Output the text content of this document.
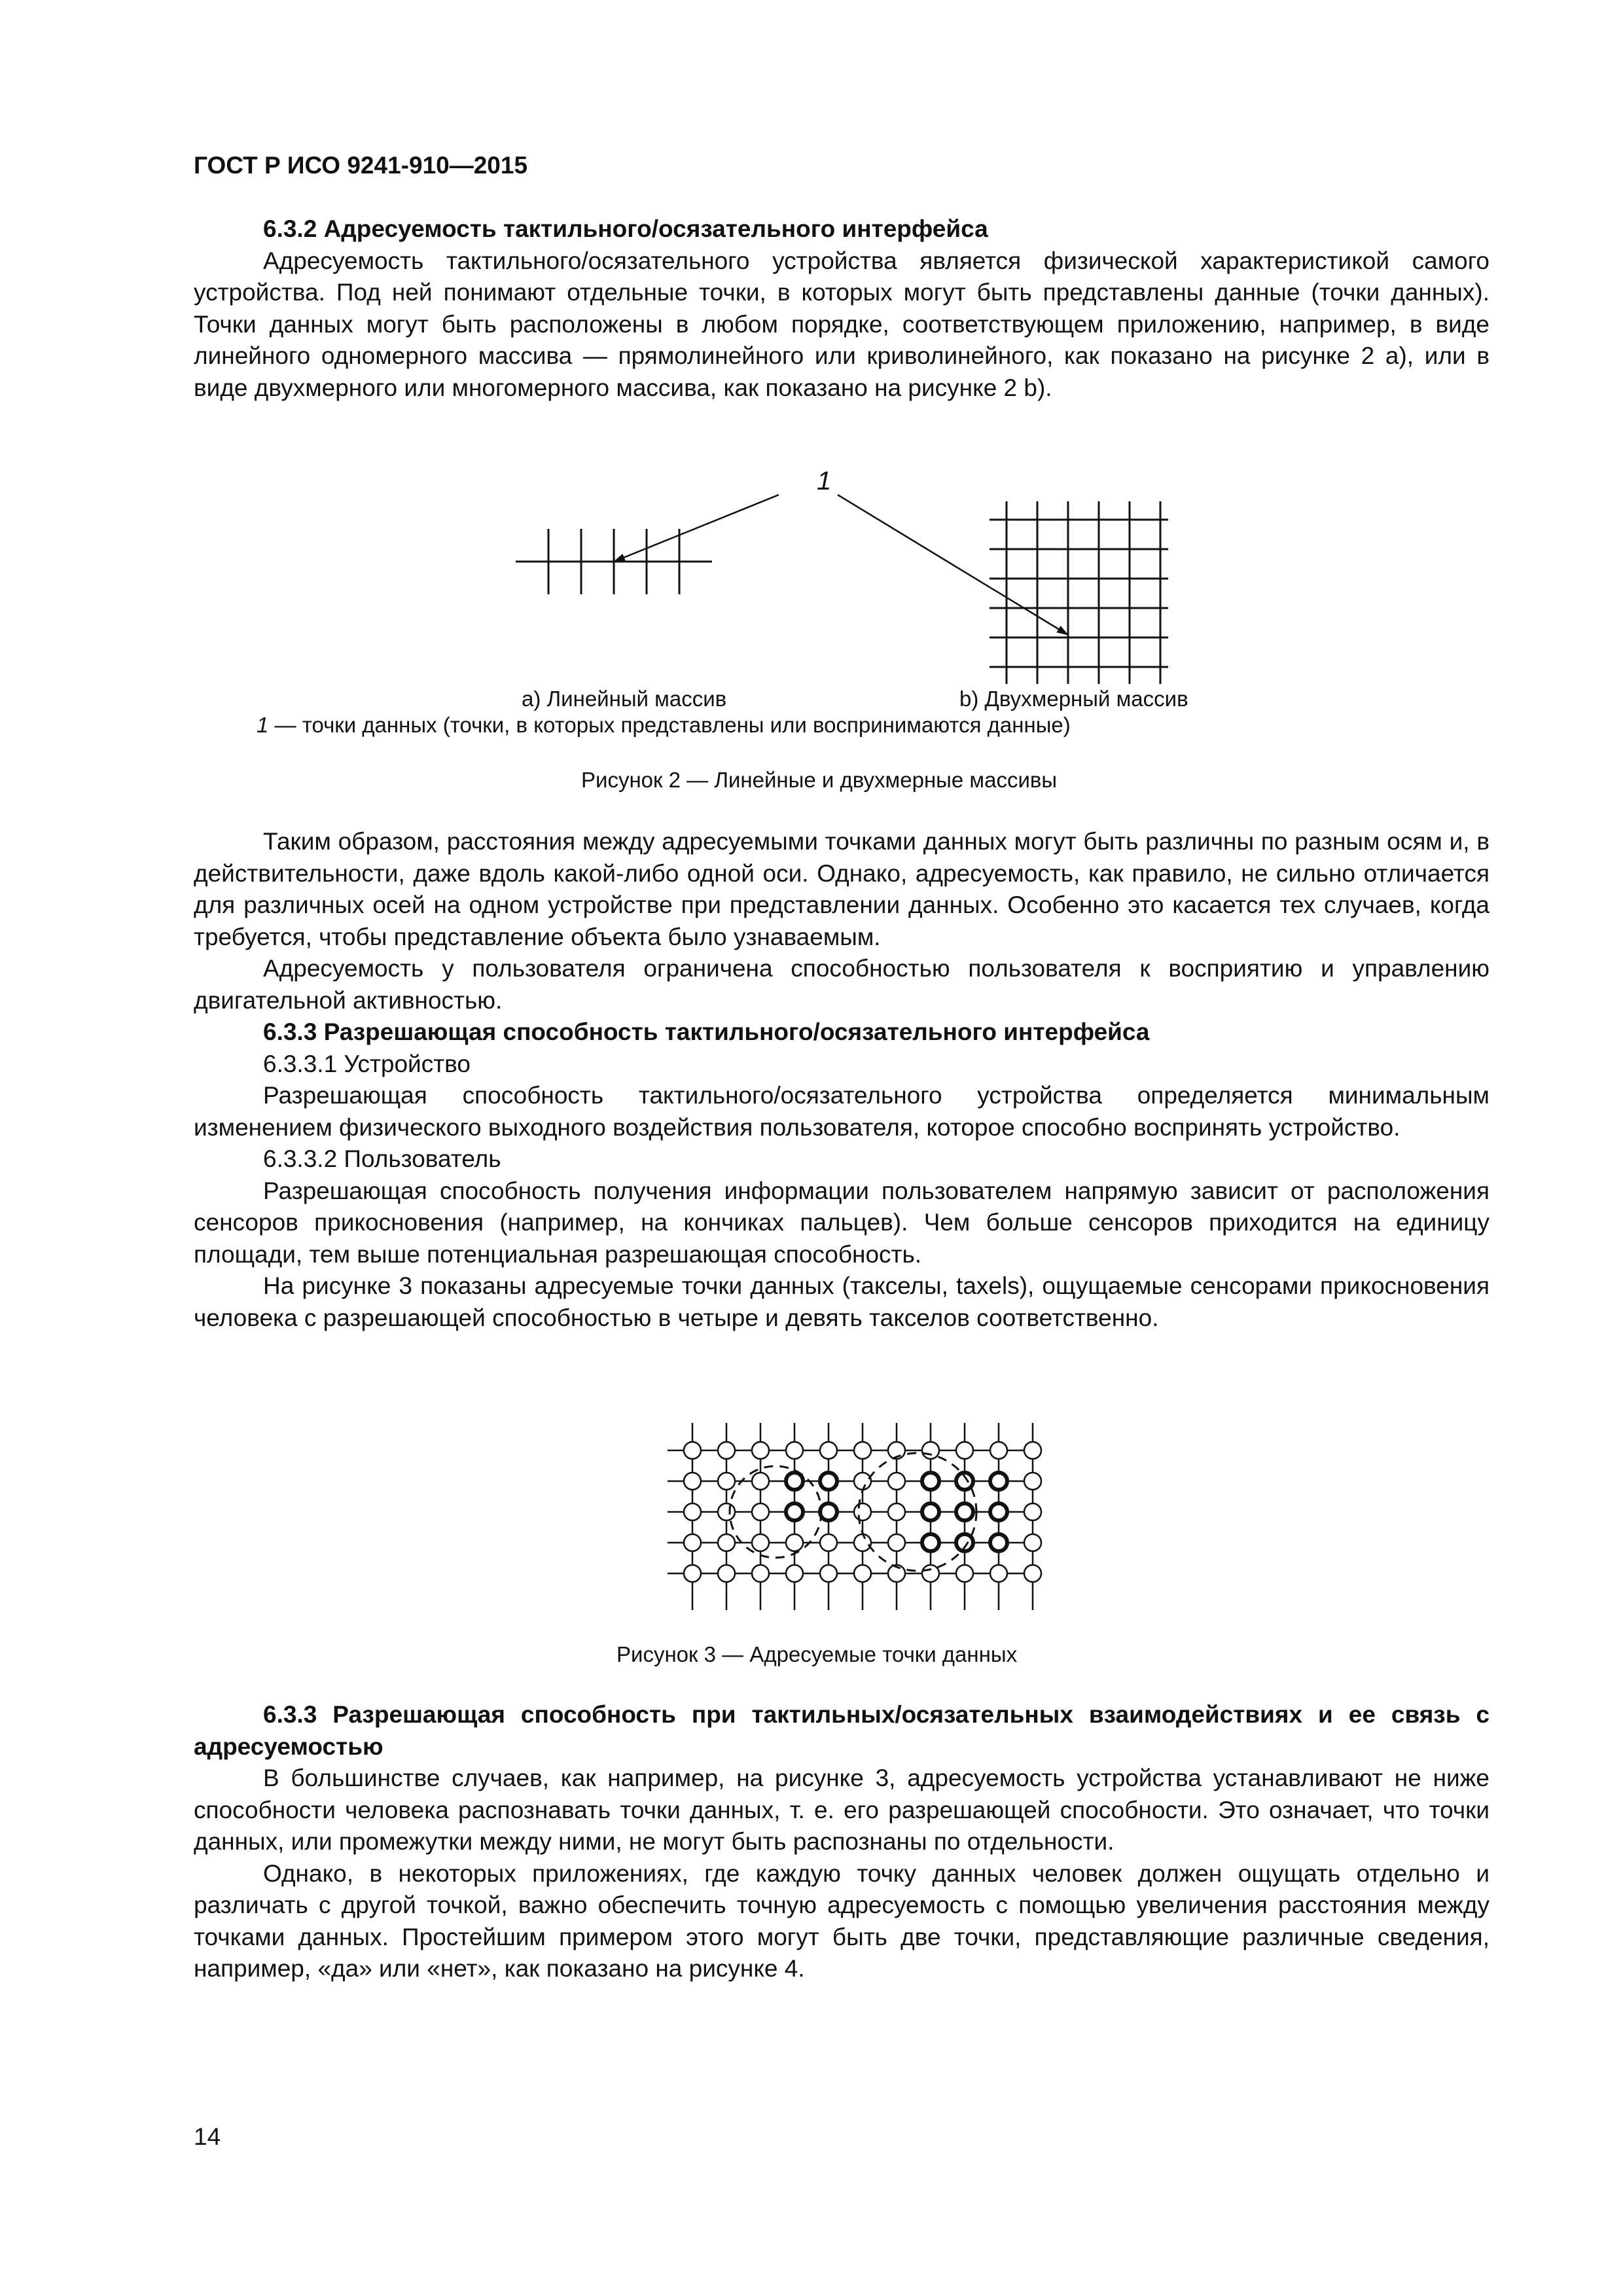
ГОСТ Р ИСО 9241-910—2015

6.3.2 Адресуемость тактильного/осязательного интерфейса

Адресуемость тактильного/осязательного устройства является физической характеристикой самого устройства. Под ней понимают отдельные точки, в которых могут быть представлены данные (точки данных). Точки данных могут быть расположены в любом порядке, соответствующем приложению, например, в виде линейного одномерного массива — прямолинейного или криволинейного, как показано на рисунке 2 а), или в виде двухмерного или многомерного массива, как показано на рисунке 2 b).

1
а) Линейный массив	b) Двухмерный массив
1 — точки данных (точки, в которых представлены или воспринимаются данные)
Рисунок 2 — Линейные и двухмерные массивы

Таким образом, расстояния между адресуемыми точками данных могут быть различны по разным осям и, в действительности, даже вдоль какой-либо одной оси. Однако, адресуемость, как правило, не сильно отличается для различных осей на одном устройстве при представлении данных. Особенно это касается тех случаев, когда требуется, чтобы представление объекта было узнаваемым.

Адресуемость у пользователя ограничена способностью пользователя к восприятию и управлению двигательной активностью.

6.3.3 Разрешающая способность тактильного/осязательного интерфейса

6.3.3.1 Устройство

Разрешающая способность тактильного/осязательного устройства определяется минимальным изменением физического выходного воздействия пользователя, которое способно воспринять устройство.

6.3.3.2 Пользователь

Разрешающая способность получения информации пользователем напрямую зависит от расположения сенсоров прикосновения (например, на кончиках пальцев). Чем больше сенсоров приходится на единицу площади, тем выше потенциальная разрешающая способность.

На рисунке 3 показаны адресуемые точки данных (такселы, taxels), ощущаемые сенсорами прикосновения человека с разрешающей способностью в четыре и девять такселов соответственно.

Рисунок 3 — Адресуемые точки данных

6.3.3 Разрешающая способность при тактильных/осязательных взаимодействиях и ее связь с адресуемостью

В большинстве случаев, как например, на рисунке 3, адресуемость устройства устанавливают не ниже способности человека распознавать точки данных, т. е. его разрешающей способности. Это означает, что точки данных, или промежутки между ними, не могут быть распознаны по отдельности.

Однако, в некоторых приложениях, где каждую точку данных человек должен ощущать отдельно и различать с другой точкой, важно обеспечить точную адресуемость с помощью увеличения расстояния между точками данных. Простейшим примером этого могут быть две точки, представляющие различные сведения, например, «да» или «нет», как показано на рисунке 4.

14
